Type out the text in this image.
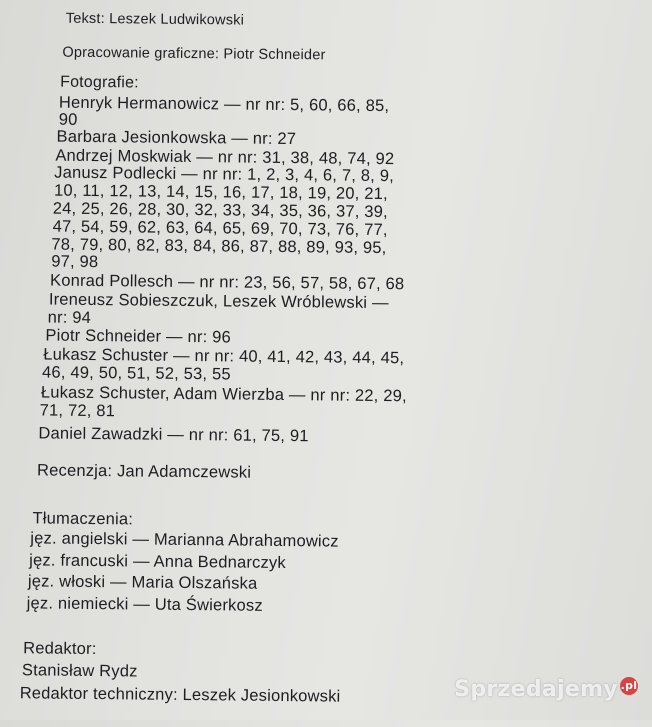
Tekst: Leszek Ludwikowski
Opracowanie graficzne: Piotr Schneider
Fotografie:
Henryk Hermanowicz — nr nr: 5, 60, 66, 85,
90
Barbara Jesionkowska — nr: 27
Andrzej Moskwiak — nr nr: 31, 38, 48, 74, 92
Janusz Podlecki — nr nr: 1, 2, 3, 4, 6, 7, 8, 9,
10, 11, 12, 13, 14, 15, 16, 17, 18, 19, 20, 21,
24, 25, 26, 28, 30, 32, 33, 34, 35, 36, 37, 39,
47, 54, 59, 62, 63, 64, 65, 69, 70, 73, 76, 77,
78, 79, 80, 82, 83, 84, 86, 87, 88, 89, 93, 95,
97, 98
Konrad Pollesch — nr nr: 23, 56, 57, 58, 67, 68
Ireneusz Sobieszczuk, Leszek Wróblewski —
nr: 94
Piotr Schneider — nr: 96
Łukasz Schuster — nr nr: 40, 41, 42, 43, 44, 45,
46, 49, 50, 51, 52, 53, 55
Łukasz Schuster, Adam Wierzba — nr nr: 22, 29,
71, 72, 81
Daniel Zawadzki — nr nr: 61, 75, 91
Recenzja: Jan Adamczewski
Tłumaczenia:
jęz. angielski — Marianna Abrahamowicz
jęz. francuski — Anna Bednarczyk
jęz. włoski — Maria Olszańska
jęz. niemiecki — Uta Świerkosz
Redaktor:
Stanisław Rydz
Redaktor techniczny: Leszek Jesionkowski	Sprzedajemy .pl
